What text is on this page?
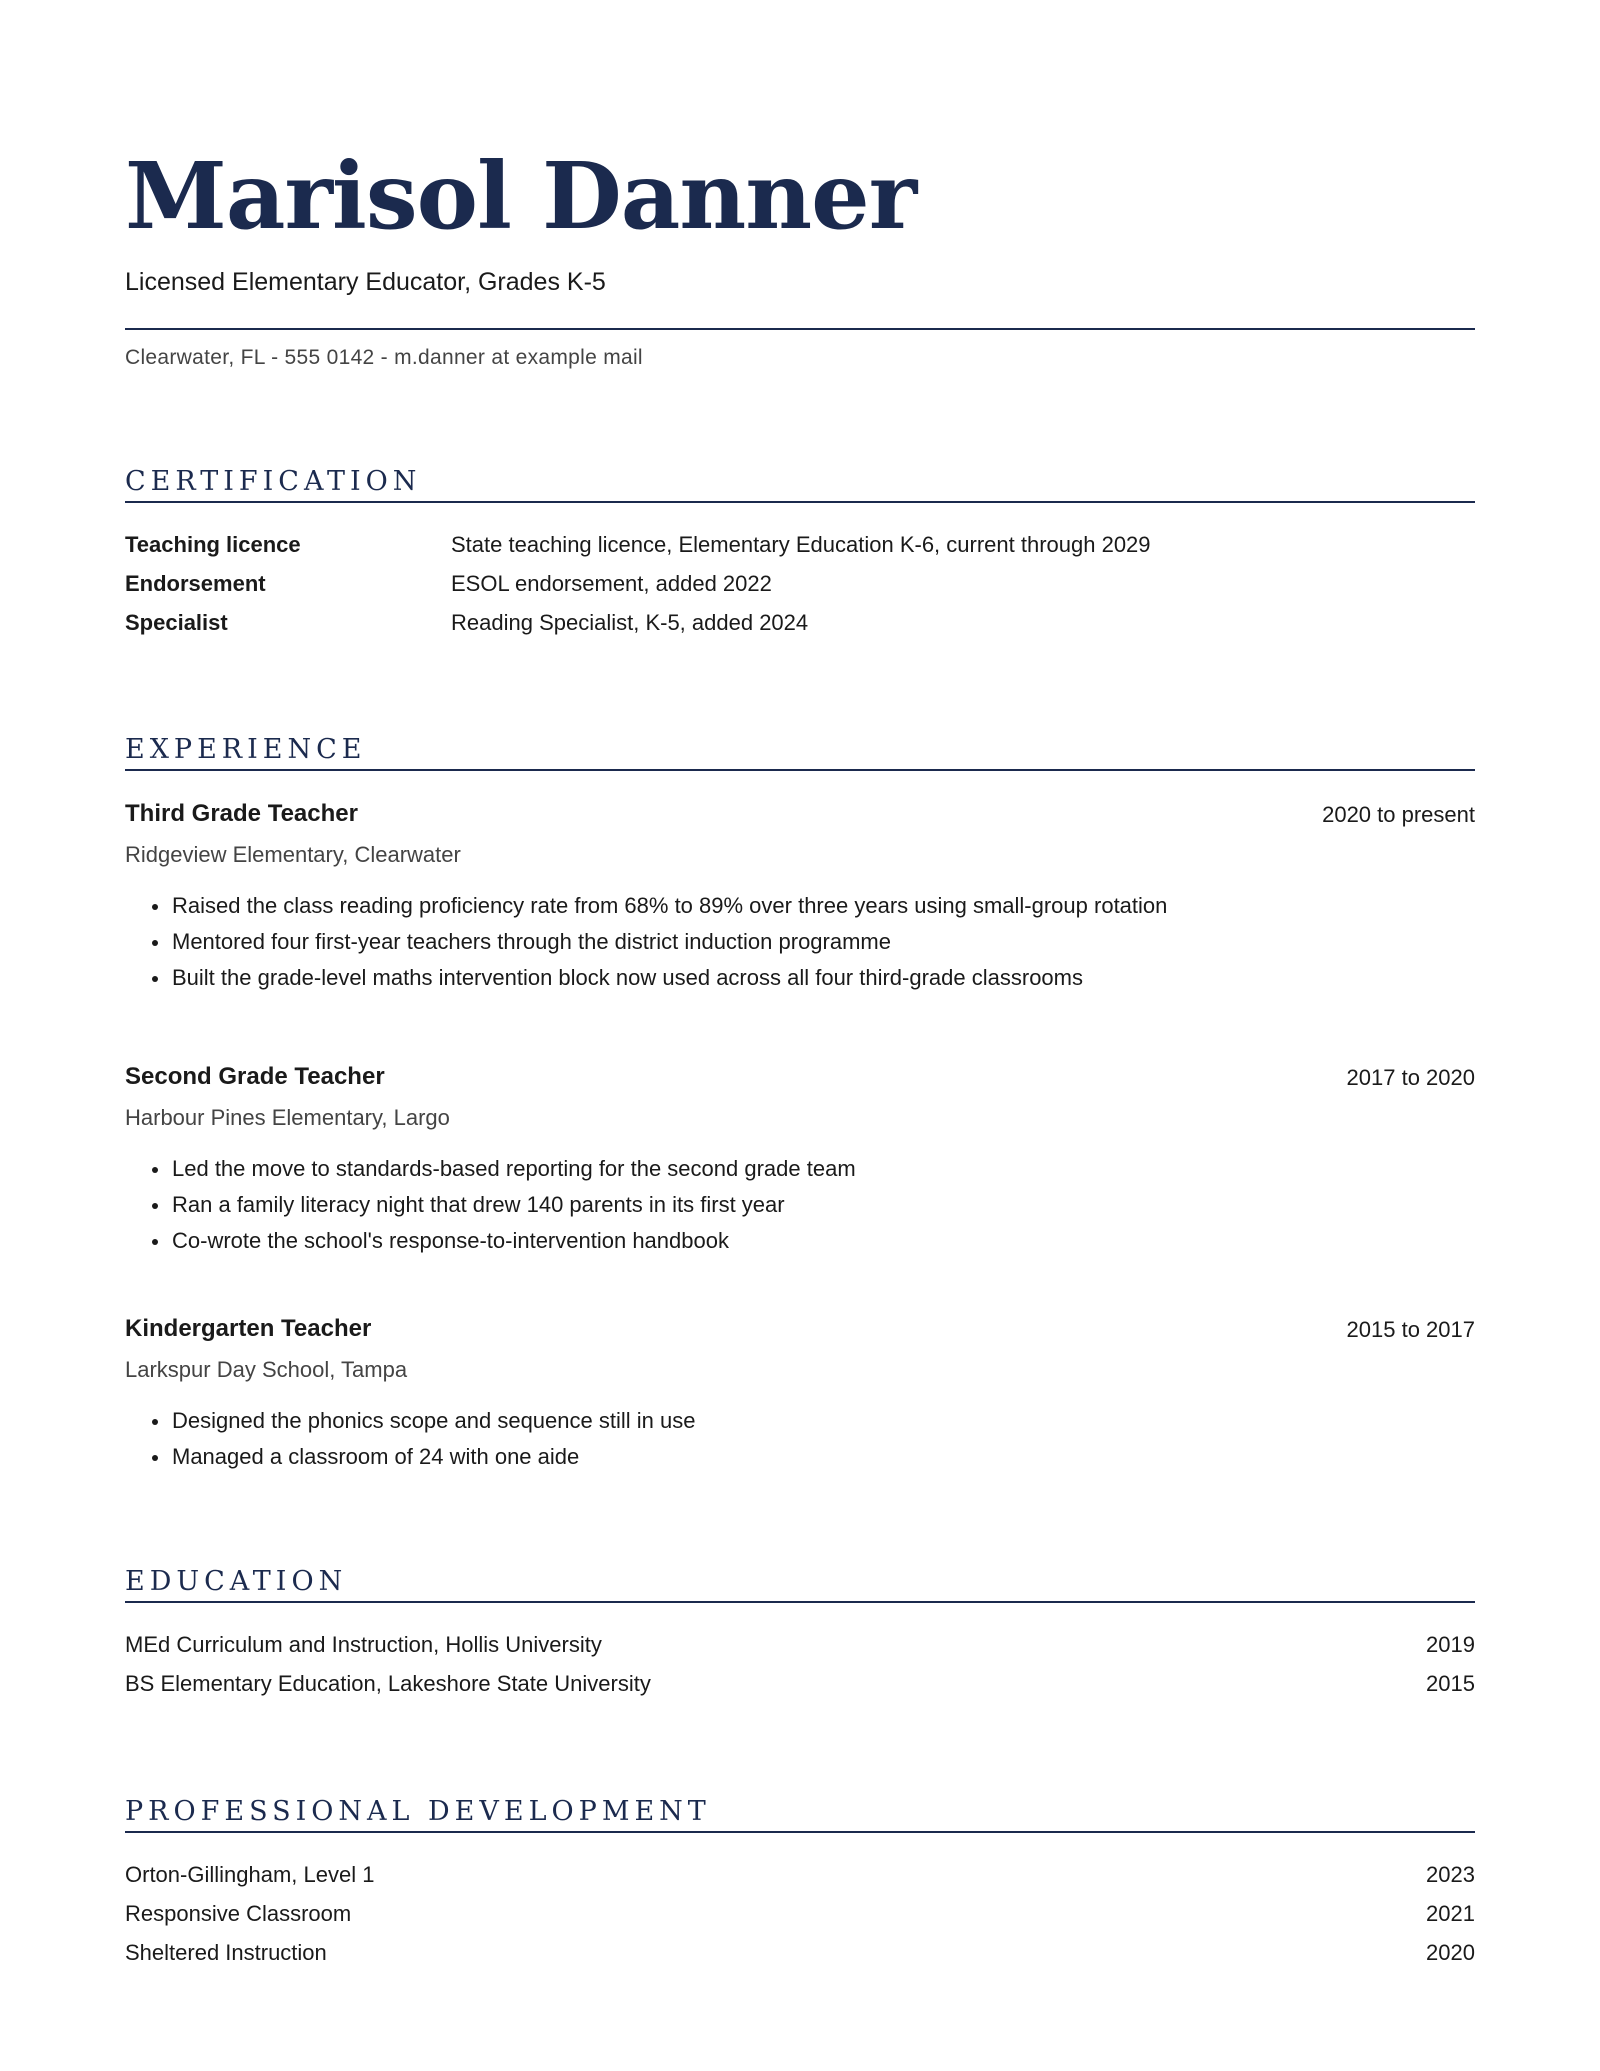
Marisol Danner
Licensed Elementary Educator, Grades K-5
Clearwater, FL - 555 0142 - m.danner at example mail
CERTIFICATION
Teaching licence	State teaching licence, Elementary Education K-6, current through 2029
Endorsement	ESOL endorsement, added 2022
Specialist	Reading Specialist, K-5, added 2024
EXPERIENCE
Third Grade Teacher	2020 to present
Ridgeview Elementary, Clearwater
Raised the class reading proficiency rate from 68% to 89% over three years using small-group rotation
Mentored four first-year teachers through the district induction programme
Built the grade-level maths intervention block now used across all four third-grade classrooms
Second Grade Teacher	2017 to 2020
Harbour Pines Elementary, Largo
Led the move to standards-based reporting for the second grade team
Ran a family literacy night that drew 140 parents in its first year
Co-wrote the school's response-to-intervention handbook
Kindergarten Teacher	2015 to 2017
Larkspur Day School, Tampa
Designed the phonics scope and sequence still in use
Managed a classroom of 24 with one aide
EDUCATION
MEd Curriculum and Instruction, Hollis University	2019
BS Elementary Education, Lakeshore State University	2015
PROFESSIONAL DEVELOPMENT
Orton-Gillingham, Level 1	2023
Responsive Classroom	2021
Sheltered Instruction	2020
